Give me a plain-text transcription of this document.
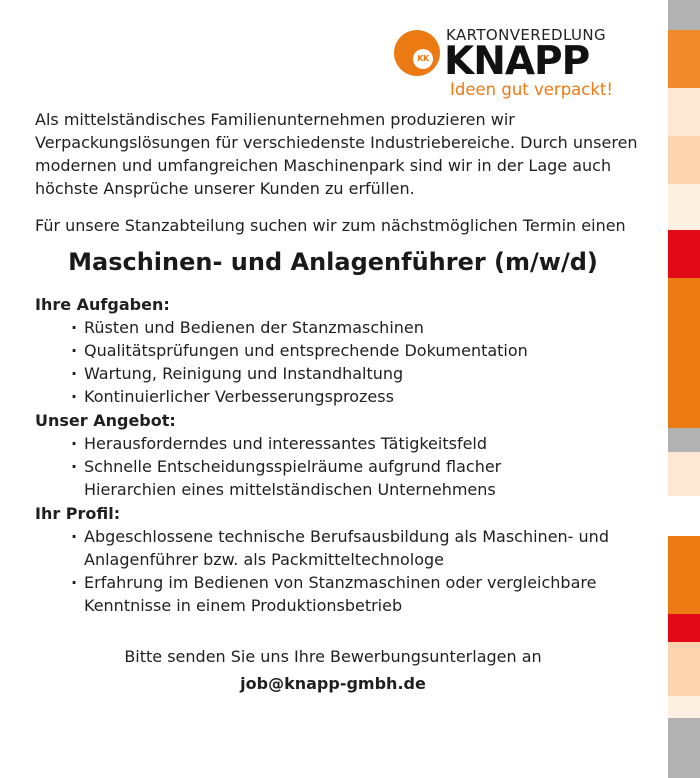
KK
KARTONVEREDLUNG
KNAPP
Ideen gut verpackt!

Als mittelständisches Familienunternehmen produzieren wir Verpackungslösungen für verschiedenste Industriebereiche. Durch unseren modernen und umfangreichen Maschinenpark sind wir in der Lage auch höchste Ansprüche unserer Kunden zu erfüllen.

Für unsere Stanzabteilung suchen wir zum nächstmöglichen Termin einen

Maschinen- und Anlagenführer (m/w/d)

Ihre Aufgaben:
· Rüsten und Bedienen der Stanzmaschinen
· Qualitätsprüfungen und entsprechende Dokumentation
· Wartung, Reinigung und Instandhaltung
· Kontinuierlicher Verbesserungsprozess
Unser Angebot:
· Herausforderndes und interessantes Tätigkeitsfeld
· Schnelle Entscheidungsspielräume aufgrund flacher Hierarchien eines mittelständischen Unternehmens
Ihr Profil:
· Abgeschlossene technische Berufsausbildung als Maschinen- und Anlagenführer bzw. als Packmitteltechnologe
· Erfahrung im Bedienen von Stanzmaschinen oder vergleichbare Kenntnisse in einem Produktionsbetrieb

Bitte senden Sie uns Ihre Bewerbungsunterlagen an

job@knapp-gmbh.de
